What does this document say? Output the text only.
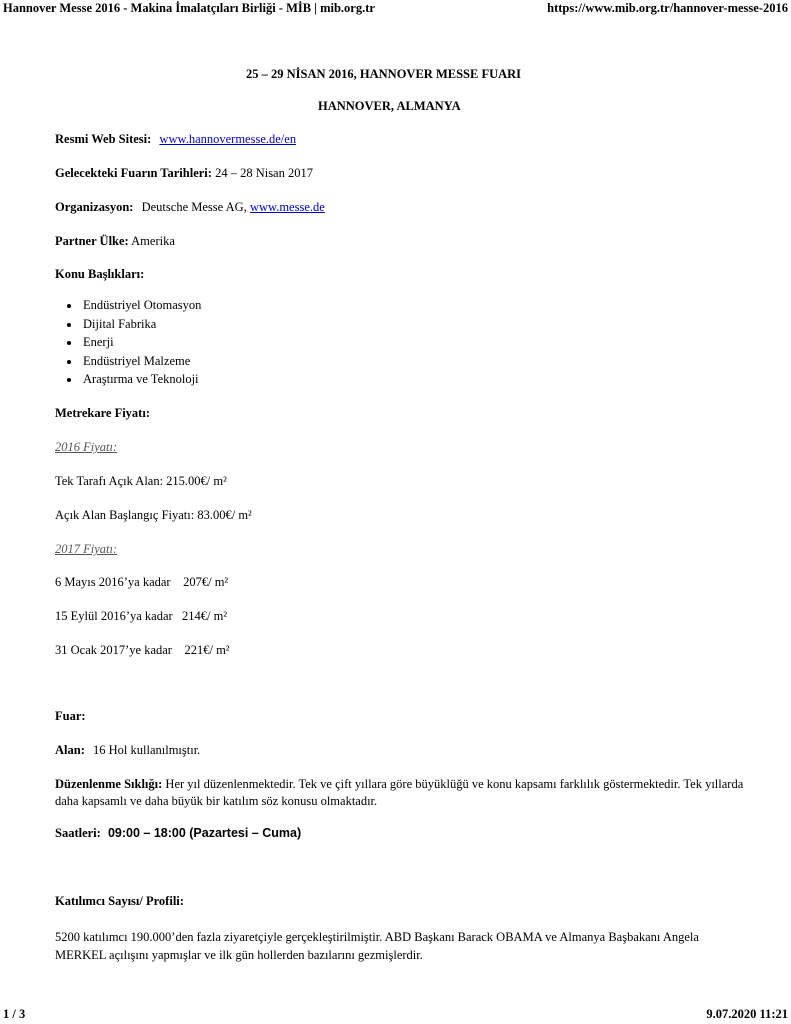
Hannover Messe 2016 - Makina İmalatçıları Birliği - MİB | mib.org.tr	https://www.mib.org.tr/hannover-messe-2016
25 – 29 NİSAN 2016, HANNOVER MESSE FUARI
HANNOVER, ALMANYA
Resmi Web Sitesi: www.hannovermesse.de/en
Gelecekteki Fuarın Tarihleri: 24 – 28 Nisan 2017
Organizasyon: Deutsche Messe AG, www.messe.de
Partner Ülke: Amerika
Konu Başlıkları:
• Endüstriyel Otomasyon
• Dijital Fabrika
• Enerji
• Endüstriyel Malzeme
• Araştırma ve Teknoloji
Metrekare Fiyatı:
2016 Fiyatı:
Tek Tarafı Açık Alan: 215.00€/ m²
Açık Alan Başlangıç Fiyatı: 83.00€/ m²
2017 Fiyatı:
6 Mayıs 2016’ya kadar    207€/ m²
15 Eylül 2016’ya kadar   214€/ m²
31 Ocak 2017’ye kadar    221€/ m²
Fuar:
Alan: 16 Hol kullanılmıştır.
Düzenlenme Sıklığı: Her yıl düzenlenmektedir. Tek ve çift yıllara göre büyüklüğü ve konu kapsamı farklılık göstermektedir. Tek yıllarda daha kapsamlı ve daha büyük bir katılım söz konusu olmaktadır.
Saatleri: 09:00 – 18:00 (Pazartesi – Cuma)
Katılımcı Sayısı/ Profili:
5200 katılımcı 190.000’den fazla ziyaretçiyle gerçekleştirilmiştir. ABD Başkanı Barack OBAMA ve Almanya Başbakanı Angela MERKEL açılışını yapmışlar ve ilk gün hollerden bazılarını gezmişlerdir.
1 / 3	9.07.2020 11:21
